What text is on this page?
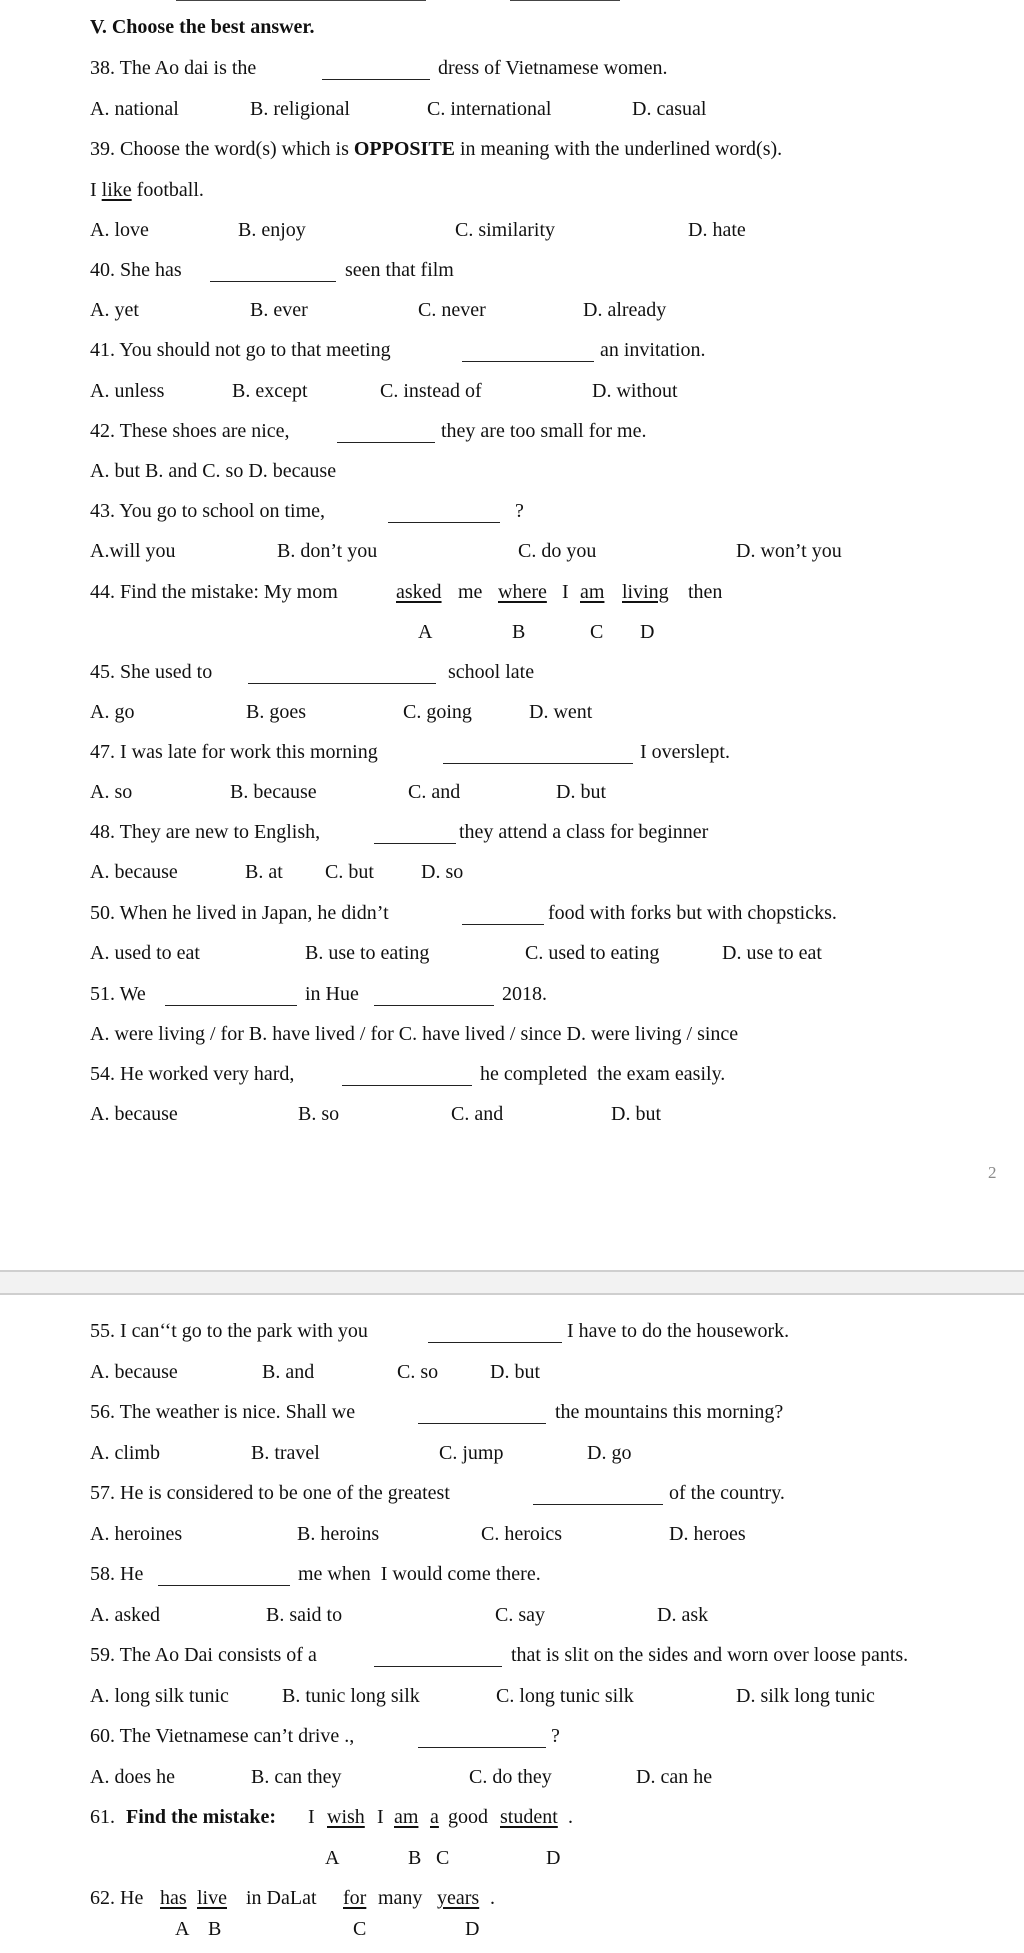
V. Choose the best answer.
38. The Ao dai is the	dress of Vietnamese women.
A. national	B. religional	C. international	D. casual
39. Choose the word(s) which is OPPOSITE in meaning with the underlined word(s).
I like football.
A. love	B. enjoy	C. similarity	D. hate
40. She has	seen that film
A. yet	B. ever	C. never	D. already
41. You should not go to that meeting	an invitation.
A. unless	B. except	C. instead of	D. without
42. These shoes are nice,	they are too small for me.
A. but B. and C. so D. because
43. You go to school on time,	?
A.will you	B. don’t you	C. do you	D. won’t you
44. Find the mistake: My mom	asked me where I am living then
A	B	C D
45. She used to	school late
A. go	B. goes	C. going	D. went
47. I was late for work this morning	I overslept.
A. so	B. because	C. and	D. but
48. They are new to English,	they attend a class for beginner
A. because	B. at C. but D. so
50. When he lived in Japan, he didn’t	food with forks but with chopsticks.
A. used to eat	B. use to eating	C. used to eating	D. use to eat
51. We	in Hue	2018.
A. were living / for B. have lived / for C. have lived / since D. were living / since
54. He worked very hard,	he completed  the exam easily.
A. because	B. so	C. and	D. but
2
55. I can‘‘t go to the park with you	I have to do the housework.
A. because	B. and	C. so	D. but
56. The weather is nice. Shall we	the mountains this morning?
A. climb	B. travel	C. jump	D. go
57. He is considered to be one of the greatest	of the country.
A. heroines	B. heroins	C. heroics	D. heroes
58. He	me when  I would come there.
A. asked	B. said to	C. say	D. ask
59. The Ao Dai consists of a	that is slit on the sides and worn over loose pants.
A. long silk tunic	B. tunic long silk	C. long tunic silk	D. silk long tunic
60. The Vietnamese can’t drive .,	?
A. does he	B. can they	C. do they	D. can he
61. Find the mistake: I wish I am a good student .
A	B C	D
62. He has live in DaLat for many years .
A B	C	D
